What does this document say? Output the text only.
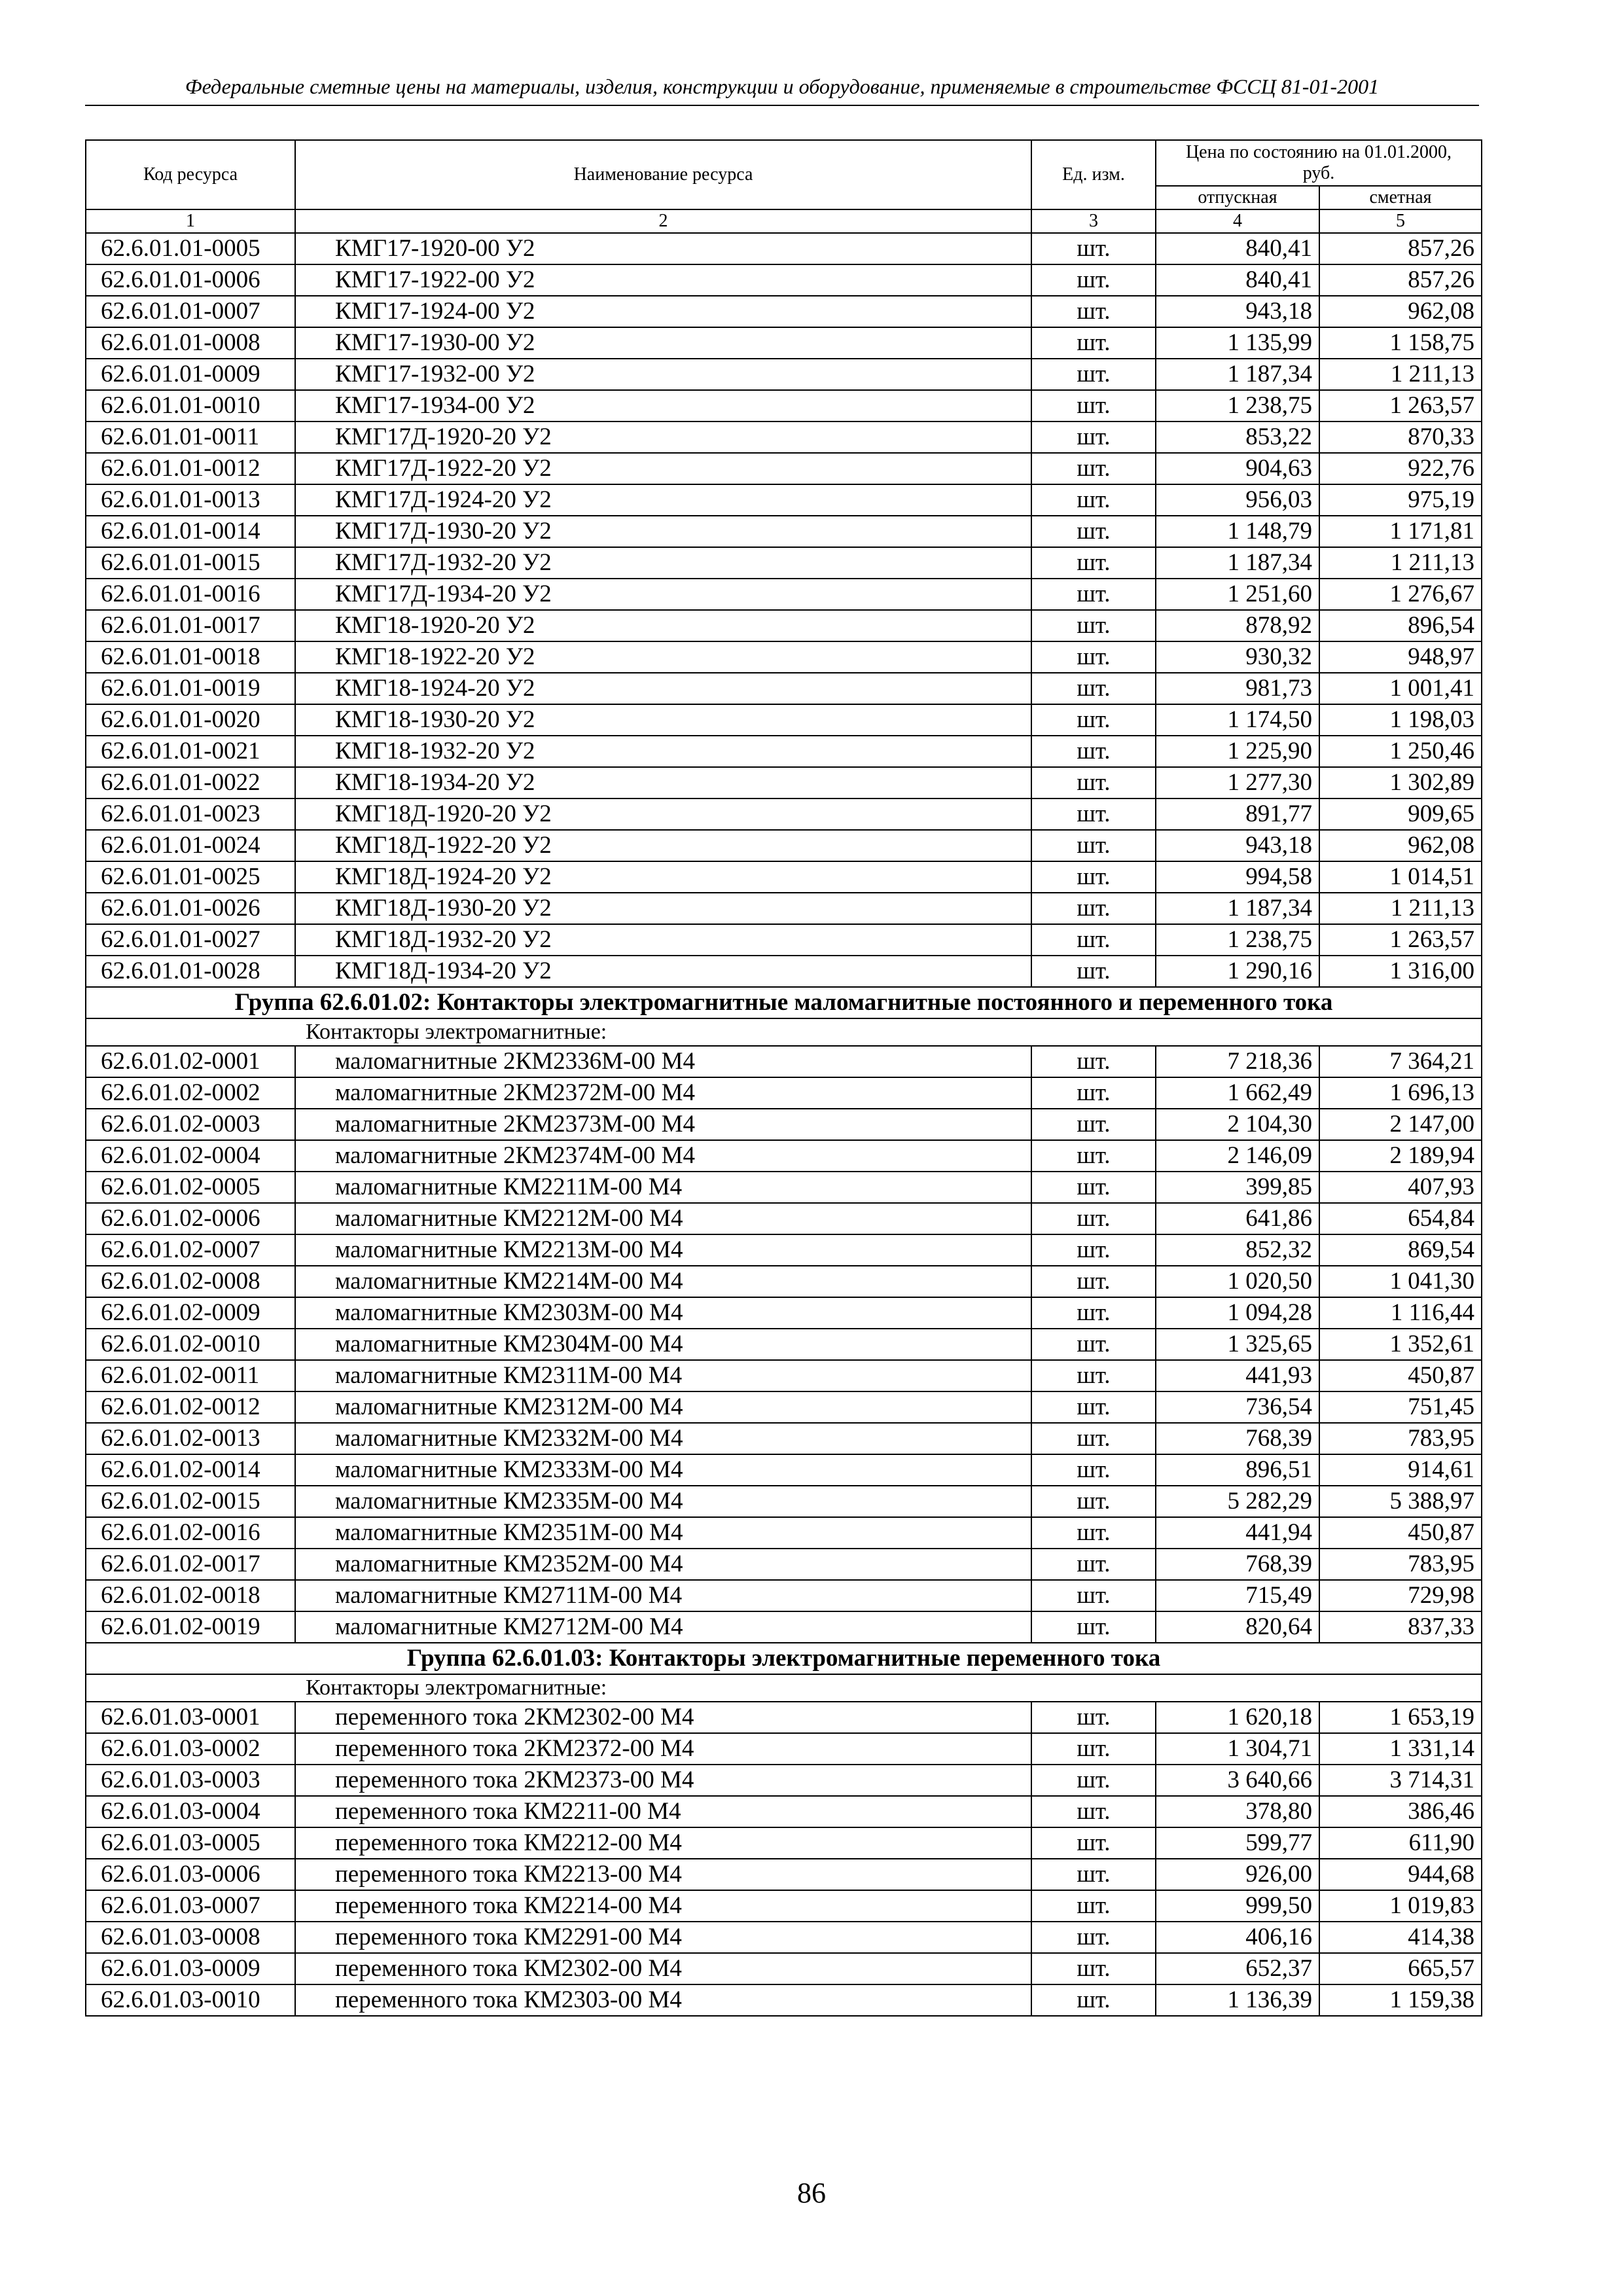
Федеральные сметные цены на материалы, изделия, конструкции и оборудование, применяемые в строительстве ФССЦ 81-01-2001
Код ресурса	Наименование ресурса	Ед. изм.	Цена по состоянию на 01.01.2000, руб.	
			отпускная	сметная
1	2	3	4	5
62.6.01.01-0005	КМГ17-1920-00 У2	шт.	840,41	857,26
62.6.01.01-0006	КМГ17-1922-00 У2	шт.	840,41	857,26
62.6.01.01-0007	КМГ17-1924-00 У2	шт.	943,18	962,08
62.6.01.01-0008	КМГ17-1930-00 У2	шт.	1 135,99	1 158,75
62.6.01.01-0009	КМГ17-1932-00 У2	шт.	1 187,34	1 211,13
62.6.01.01-0010	КМГ17-1934-00 У2	шт.	1 238,75	1 263,57
62.6.01.01-0011	КМГ17Д-1920-20 У2	шт.	853,22	870,33
62.6.01.01-0012	КМГ17Д-1922-20 У2	шт.	904,63	922,76
62.6.01.01-0013	КМГ17Д-1924-20 У2	шт.	956,03	975,19
62.6.01.01-0014	КМГ17Д-1930-20 У2	шт.	1 148,79	1 171,81
62.6.01.01-0015	КМГ17Д-1932-20 У2	шт.	1 187,34	1 211,13
62.6.01.01-0016	КМГ17Д-1934-20 У2	шт.	1 251,60	1 276,67
62.6.01.01-0017	КМГ18-1920-20 У2	шт.	878,92	896,54
62.6.01.01-0018	КМГ18-1922-20 У2	шт.	930,32	948,97
62.6.01.01-0019	КМГ18-1924-20 У2	шт.	981,73	1 001,41
62.6.01.01-0020	КМГ18-1930-20 У2	шт.	1 174,50	1 198,03
62.6.01.01-0021	КМГ18-1932-20 У2	шт.	1 225,90	1 250,46
62.6.01.01-0022	КМГ18-1934-20 У2	шт.	1 277,30	1 302,89
62.6.01.01-0023	КМГ18Д-1920-20 У2	шт.	891,77	909,65
62.6.01.01-0024	КМГ18Д-1922-20 У2	шт.	943,18	962,08
62.6.01.01-0025	КМГ18Д-1924-20 У2	шт.	994,58	1 014,51
62.6.01.01-0026	КМГ18Д-1930-20 У2	шт.	1 187,34	1 211,13
62.6.01.01-0027	КМГ18Д-1932-20 У2	шт.	1 238,75	1 263,57
62.6.01.01-0028	КМГ18Д-1934-20 У2	шт.	1 290,16	1 316,00
Группа 62.6.01.02: Контакторы электромагнитные маломагнитные постоянного и переменного тока				
Контакторы электромагнитные:				
62.6.01.02-0001	маломагнитные 2КМ2336М-00 М4	шт.	7 218,36	7 364,21
62.6.01.02-0002	маломагнитные 2КМ2372М-00 М4	шт.	1 662,49	1 696,13
62.6.01.02-0003	маломагнитные 2КМ2373М-00 М4	шт.	2 104,30	2 147,00
62.6.01.02-0004	маломагнитные 2КМ2374М-00 М4	шт.	2 146,09	2 189,94
62.6.01.02-0005	маломагнитные КМ2211М-00 М4	шт.	399,85	407,93
62.6.01.02-0006	маломагнитные КМ2212М-00 М4	шт.	641,86	654,84
62.6.01.02-0007	маломагнитные КМ2213М-00 М4	шт.	852,32	869,54
62.6.01.02-0008	маломагнитные КМ2214М-00 М4	шт.	1 020,50	1 041,30
62.6.01.02-0009	маломагнитные КМ2303М-00 М4	шт.	1 094,28	1 116,44
62.6.01.02-0010	маломагнитные КМ2304М-00 М4	шт.	1 325,65	1 352,61
62.6.01.02-0011	маломагнитные КМ2311М-00 М4	шт.	441,93	450,87
62.6.01.02-0012	маломагнитные КМ2312М-00 М4	шт.	736,54	751,45
62.6.01.02-0013	маломагнитные КМ2332М-00 М4	шт.	768,39	783,95
62.6.01.02-0014	маломагнитные КМ2333М-00 М4	шт.	896,51	914,61
62.6.01.02-0015	маломагнитные КМ2335М-00 М4	шт.	5 282,29	5 388,97
62.6.01.02-0016	маломагнитные КМ2351М-00 М4	шт.	441,94	450,87
62.6.01.02-0017	маломагнитные КМ2352М-00 М4	шт.	768,39	783,95
62.6.01.02-0018	маломагнитные КМ2711М-00 М4	шт.	715,49	729,98
62.6.01.02-0019	маломагнитные КМ2712М-00 М4	шт.	820,64	837,33
Группа 62.6.01.03: Контакторы электромагнитные переменного тока				
Контакторы электромагнитные:				
62.6.01.03-0001	переменного тока 2КМ2302-00 М4	шт.	1 620,18	1 653,19
62.6.01.03-0002	переменного тока 2КМ2372-00 М4	шт.	1 304,71	1 331,14
62.6.01.03-0003	переменного тока 2КМ2373-00 М4	шт.	3 640,66	3 714,31
62.6.01.03-0004	переменного тока КМ2211-00 М4	шт.	378,80	386,46
62.6.01.03-0005	переменного тока КМ2212-00 М4	шт.	599,77	611,90
62.6.01.03-0006	переменного тока КМ2213-00 М4	шт.	926,00	944,68
62.6.01.03-0007	переменного тока КМ2214-00 М4	шт.	999,50	1 019,83
62.6.01.03-0008	переменного тока КМ2291-00 М4	шт.	406,16	414,38
62.6.01.03-0009	переменного тока КМ2302-00 М4	шт.	652,37	665,57
62.6.01.03-0010	переменного тока КМ2303-00 М4	шт.	1 136,39	1 159,38
86
